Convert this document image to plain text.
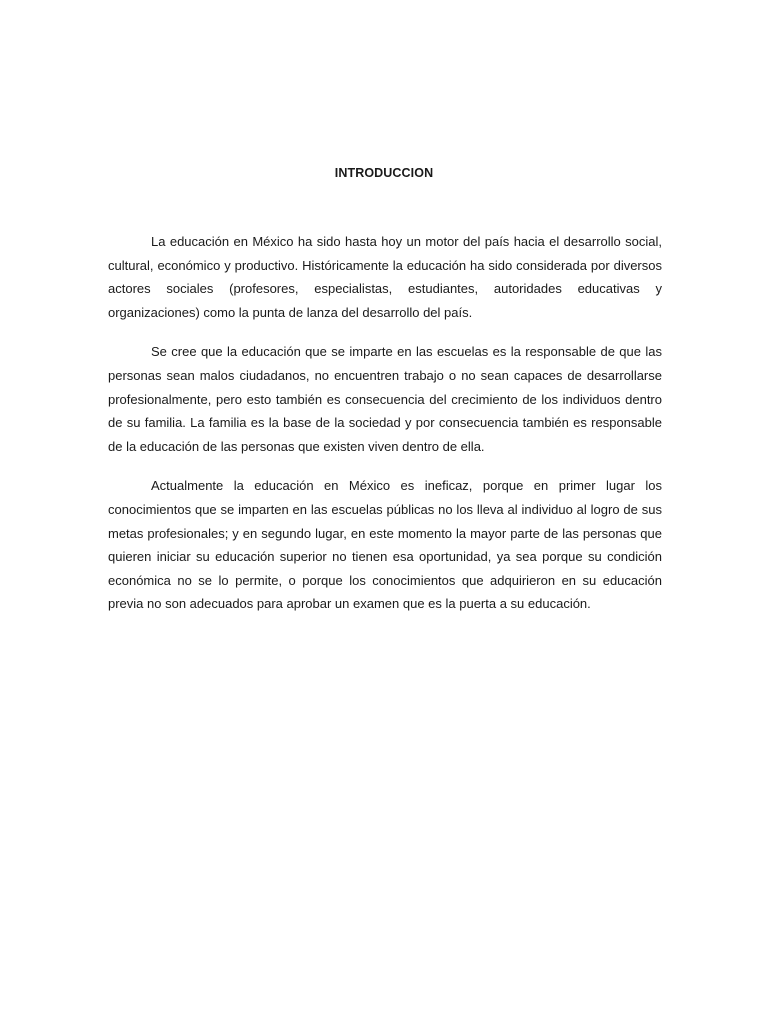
INTRODUCCION

La educación en México ha sido hasta hoy un motor del país hacia el desarrollo social, cultural, económico y productivo. Históricamente la educación ha sido considerada por diversos actores sociales (profesores, especialistas, estudiantes, autoridades educativas y organizaciones) como la punta de lanza del desarrollo del país.

Se cree que la educación que se imparte en las escuelas es la responsable de que las personas sean malos ciudadanos, no encuentren trabajo o no sean capaces de desarrollarse profesionalmente, pero esto también es consecuencia del crecimiento de los individuos dentro de su familia. La familia es la base de la sociedad y por consecuencia también es responsable de la educación de las personas que existen viven dentro de ella.

Actualmente la educación en México es ineficaz, porque en primer lugar los conocimientos que se imparten en las escuelas públicas no los lleva al individuo al logro de sus metas profesionales; y en segundo lugar, en este momento la mayor parte de las personas que quieren iniciar su educación superior no tienen esa oportunidad, ya sea porque su condición económica no se lo permite, o porque los conocimientos que adquirieron en su educación previa no son adecuados para aprobar un examen que es la puerta a su educación.
